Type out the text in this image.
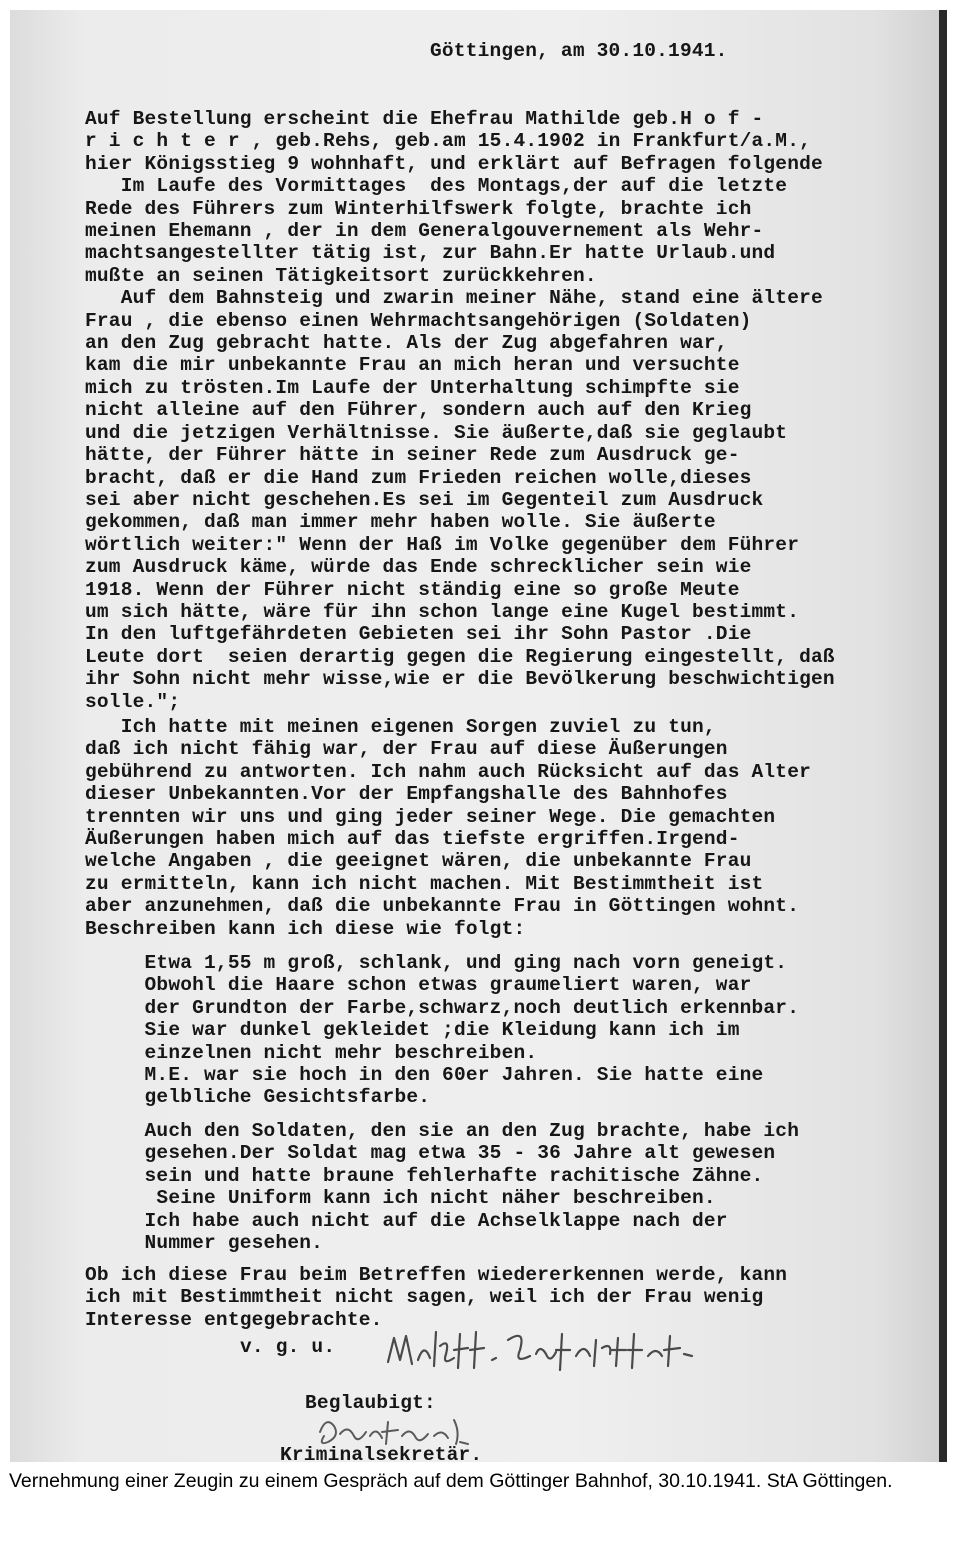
Göttingen, am 30.10.1941.
Auf Bestellung erscheint die Ehefrau Mathilde geb.H o f -
r i c h t e r , geb.Rehs, geb.am 15.4.1902 in Frankfurt/a.M.,
hier Königsstieg 9 wohnhaft, und erklärt auf Befragen folgende
Im Laufe des Vormittages  des Montags,der auf die letzte
Rede des Führers zum Winterhilfswerk folgte, brachte ich
meinen Ehemann , der in dem Generalgouvernement als Wehr-
machtsangestellter tätig ist, zur Bahn.Er hatte Urlaub.und
mußte an seinen Tätigkeitsort zurückkehren.
Auf dem Bahnsteig und zwarin meiner Nähe, stand eine ältere
Frau , die ebenso einen Wehrmachtsangehörigen (Soldaten)
an den Zug gebracht hatte. Als der Zug abgefahren war,
kam die mir unbekannte Frau an mich heran und versuchte
mich zu trösten.Im Laufe der Unterhaltung schimpfte sie
nicht alleine auf den Führer, sondern auch auf den Krieg
und die jetzigen Verhältnisse. Sie äußerte,daß sie geglaubt
hätte, der Führer hätte in seiner Rede zum Ausdruck ge-
bracht, daß er die Hand zum Frieden reichen wolle,dieses
sei aber nicht geschehen.Es sei im Gegenteil zum Ausdruck
gekommen, daß man immer mehr haben wolle. Sie äußerte
wörtlich weiter:" Wenn der Haß im Volke gegenüber dem Führer
zum Ausdruck käme, würde das Ende schrecklicher sein wie
1918. Wenn der Führer nicht ständig eine so große Meute
um sich hätte, wäre für ihn schon lange eine Kugel bestimmt.
In den luftgefährdeten Gebieten sei ihr Sohn Pastor .Die
Leute dort  seien derartig gegen die Regierung eingestellt, daß
ihr Sohn nicht mehr wisse,wie er die Bevölkerung beschwichtigen
solle.";
Ich hatte mit meinen eigenen Sorgen zuviel zu tun,
daß ich nicht fähig war, der Frau auf diese Äußerungen
gebührend zu antworten. Ich nahm auch Rücksicht auf das Alter
dieser Unbekannten.Vor der Empfangshalle des Bahnhofes
trennten wir uns und ging jeder seiner Wege. Die gemachten
Äußerungen haben mich auf das tiefste ergriffen.Irgend-
welche Angaben , die geeignet wären, die unbekannte Frau
zu ermitteln, kann ich nicht machen. Mit Bestimmtheit ist
aber anzunehmen, daß die unbekannte Frau in Göttingen wohnt.
Beschreiben kann ich diese wie folgt:
Etwa 1,55 m groß, schlank, und ging nach vorn geneigt.
Obwohl die Haare schon etwas graumeliert waren, war
der Grundton der Farbe,schwarz,noch deutlich erkennbar.
Sie war dunkel gekleidet ;die Kleidung kann ich im
einzelnen nicht mehr beschreiben.
M.E. war sie hoch in den 60er Jahren. Sie hatte eine
gelbliche Gesichtsfarbe.
Auch den Soldaten, den sie an den Zug brachte, habe ich
gesehen.Der Soldat mag etwa 35 - 36 Jahre alt gewesen
sein und hatte braune fehlerhafte rachitische Zähne.
Seine Uniform kann ich nicht näher beschreiben.
Ich habe auch nicht auf die Achselklappe nach der
Nummer gesehen.
Ob ich diese Frau beim Betreffen wiedererkennen werde, kann
ich mit Bestimmtheit nicht sagen, weil ich der Frau wenig
Interesse entgegebrachte.
v. g. u.
Beglaubigt:
Kriminalsekretär.
Vernehmung einer Zeugin zu einem Gespräch auf dem Göttinger Bahnhof, 30.10.1941. StA Göttingen.
